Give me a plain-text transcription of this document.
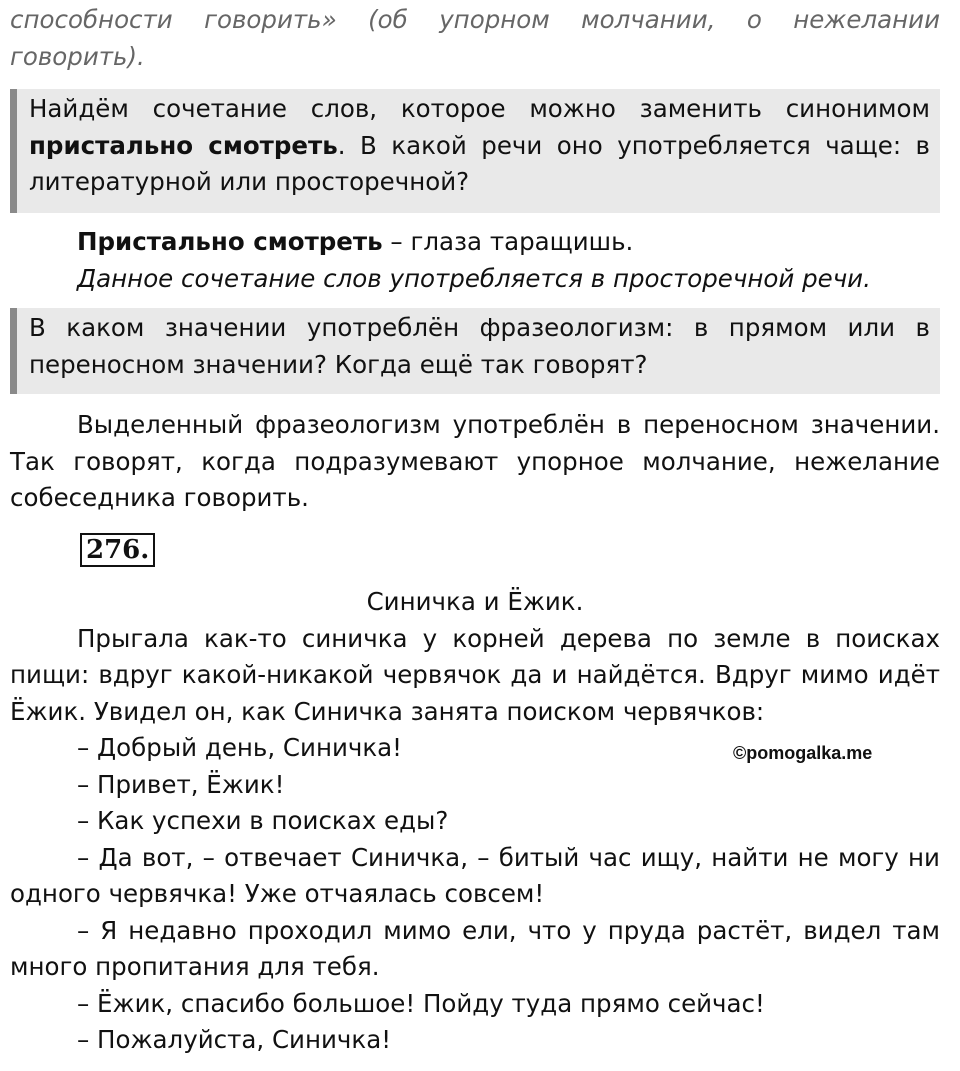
способности говорить» (об упорном молчании, о нежелании

говорить).

Найдём сочетание слов, которое можно заменить синонимом пристально смотреть. В какой речи оно употребляется чаще: в литературной или просторечной?

Пристально смотреть – глаза таращишь.

Данное сочетание слов употребляется в просторечной речи.

В каком значении употреблён фразеологизм: в прямом или в переносном значении? Когда ещё так говорят?

Выделенный фразеологизм употреблён в переносном значении. Так говорят, когда подразумевают упорное молчание, нежелание собеседника говорить.

276.

Синичка и Ёжик.

Прыгала как-то синичка у корней дерева по земле в поисках пищи: вдруг какой-никакой червячок да и найдётся. Вдруг мимо идёт Ёжик. Увидел он, как Синичка занята поиском червячков:

– Добрый день, Синичка!

– Привет, Ёжик!

– Как успехи в поисках еды?

– Да вот, – отвечает Синичка, – битый час ищу, найти не могу ни одного червячка! Уже отчаялась совсем!

– Я недавно проходил мимо ели, что у пруда растёт, видел там много пропитания для тебя.

– Ёжик, спасибо большое! Пойду туда прямо сейчас!

– Пожалуйста, Синичка!

©pomogalka.me
